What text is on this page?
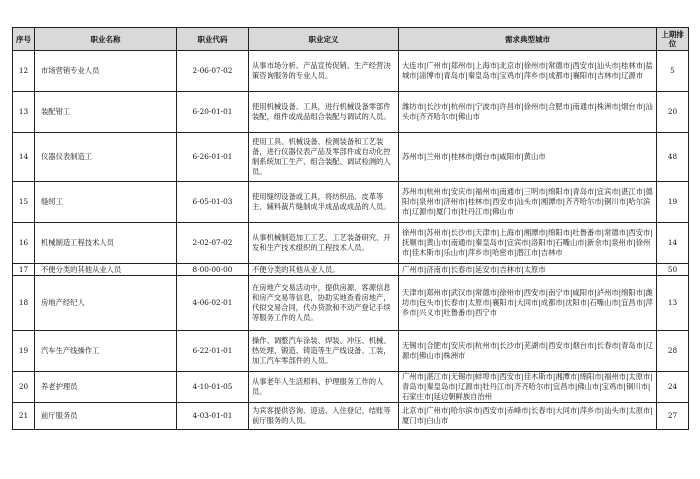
序号	职业名称	职业代码	职业定义	需求典型城市	上期排位
12	市场营销专业人员	2-06-07-02	从事市场分析、产品宣传促销、生产经营决策咨询服务的专业人员。	大连市|广州市|郑州市|上海市|北京市|徐州市|常德市|西安市|汕头市|桂林市|盐城市|淄博市|青岛市|秦皇岛市|宝鸡市|萍乡市|成都市|襄阳市|吉林市|辽源市	5
13	装配钳工	6-20-01-01	使用机械设备、工具，进行机械设备零部件装配，组件或成品组合装配与调试的人员。	潍坊市|长沙市|杭州市|宁波市|许昌市|徐州市|合肥市|南通市|株洲市|烟台市|汕头市|齐齐哈尔市|佛山市	20
14	仪器仪表制造工	6-26-01-01	使用工具、机械设备、检测装备和工艺装备，进行仪器仪表产品及零部件或自动化控制系统加工生产、组合装配、调试检测的人员。	苏州市|兰州市|桂林市|烟台市|咸阳市|黄山市	48
15	缝纫工	6-05-01-03	使用缝纫设备或工具，将纺织品、皮革等主、辅料裁片缝制成半成品或成品的人员。	苏州市|杭州市|安庆市|福州市|南通市|三明市|绵阳市|青岛市|宜宾市|湛江市|德阳市|泉州市|济州市|桂林市|西安市|汕头市|湘潭市|齐齐哈尔市|铜川市|哈尔滨市|辽源市|厦门市|牡丹江市|佛山市	19
16	机械制造工程技术人员	2-02-07-02	从事机械制造加工工艺、工艺装备研究、开发和生产技术组织的工程技术人员。	徐州市|苏州市|长沙市|天津市|上海市|湘潭市|绵阳市|吐鲁番市|常德市|西安市|抚顺市|黄山市|南通市|秦皇岛市|宜宾市|洛阳市|石嘴山市|新余市|泉州市|徐州市|佳木斯市|乐山市|萍乡市|哈密市|潜江市|吉林市	14
17	不便分类的其他从业人员	8-00-00-00	不便分类的其他从业人员。	广州市|济南市|长春市|延安市|吉林市|太原市	50
18	房地产经纪人	4-06-02-01	在房地产交易活动中，提供房源、客源信息和房产交易等信息，协助实地查看房地产，代拟交易合同，代办贷款和不动产登记手续等服务工作的人员。	天津市|郑州市|武汉市|常德市|徐州市|西安市|南宁市|咸阳市|泸州市|绵阳市|潍坊市|包头市|长春市|太原市|襄阳市|大同市|成都市|沈阳市|石嘴山市|宜昌市|萍乡市|兴义市|吐鲁番市|西宁市	13
19	汽车生产线操作工	6-22-01-01	操作、调整汽车涂装、焊装、冲压、机械、热处理、锻造、铸造等生产线设备、工装，加工汽车零部件的人员。	无锡市|合肥市|安庆市|杭州市|长沙市|芜湖市|西安市|烟台市|长春市|青岛市|辽源市|佛山市|株洲市	28
20	养老护理员	4-10-01-05	从事老年人生活照料、护理服务工作的人员。	广州市|湛江市|无锡市|蚌埠市|西安市|佳木斯市|湘潭市|绵阳市|福州市|太原市|青岛市|秦皇岛市|辽源市|牡丹江市|齐齐哈尔市|宜昌市|佛山市|宝鸡市|铜川市|石家庄市|延边朝鲜族自治州	24
21	前厅服务员	4-03-01-01	为宾客提供咨询、迎送、入住登记、结账等前厅服务的人员。	北京市|广州市|哈尔滨市|西安市|赤峰市|长春市|大同市|萍乡市|汕头市|太原市|厦门市|白山市	27
